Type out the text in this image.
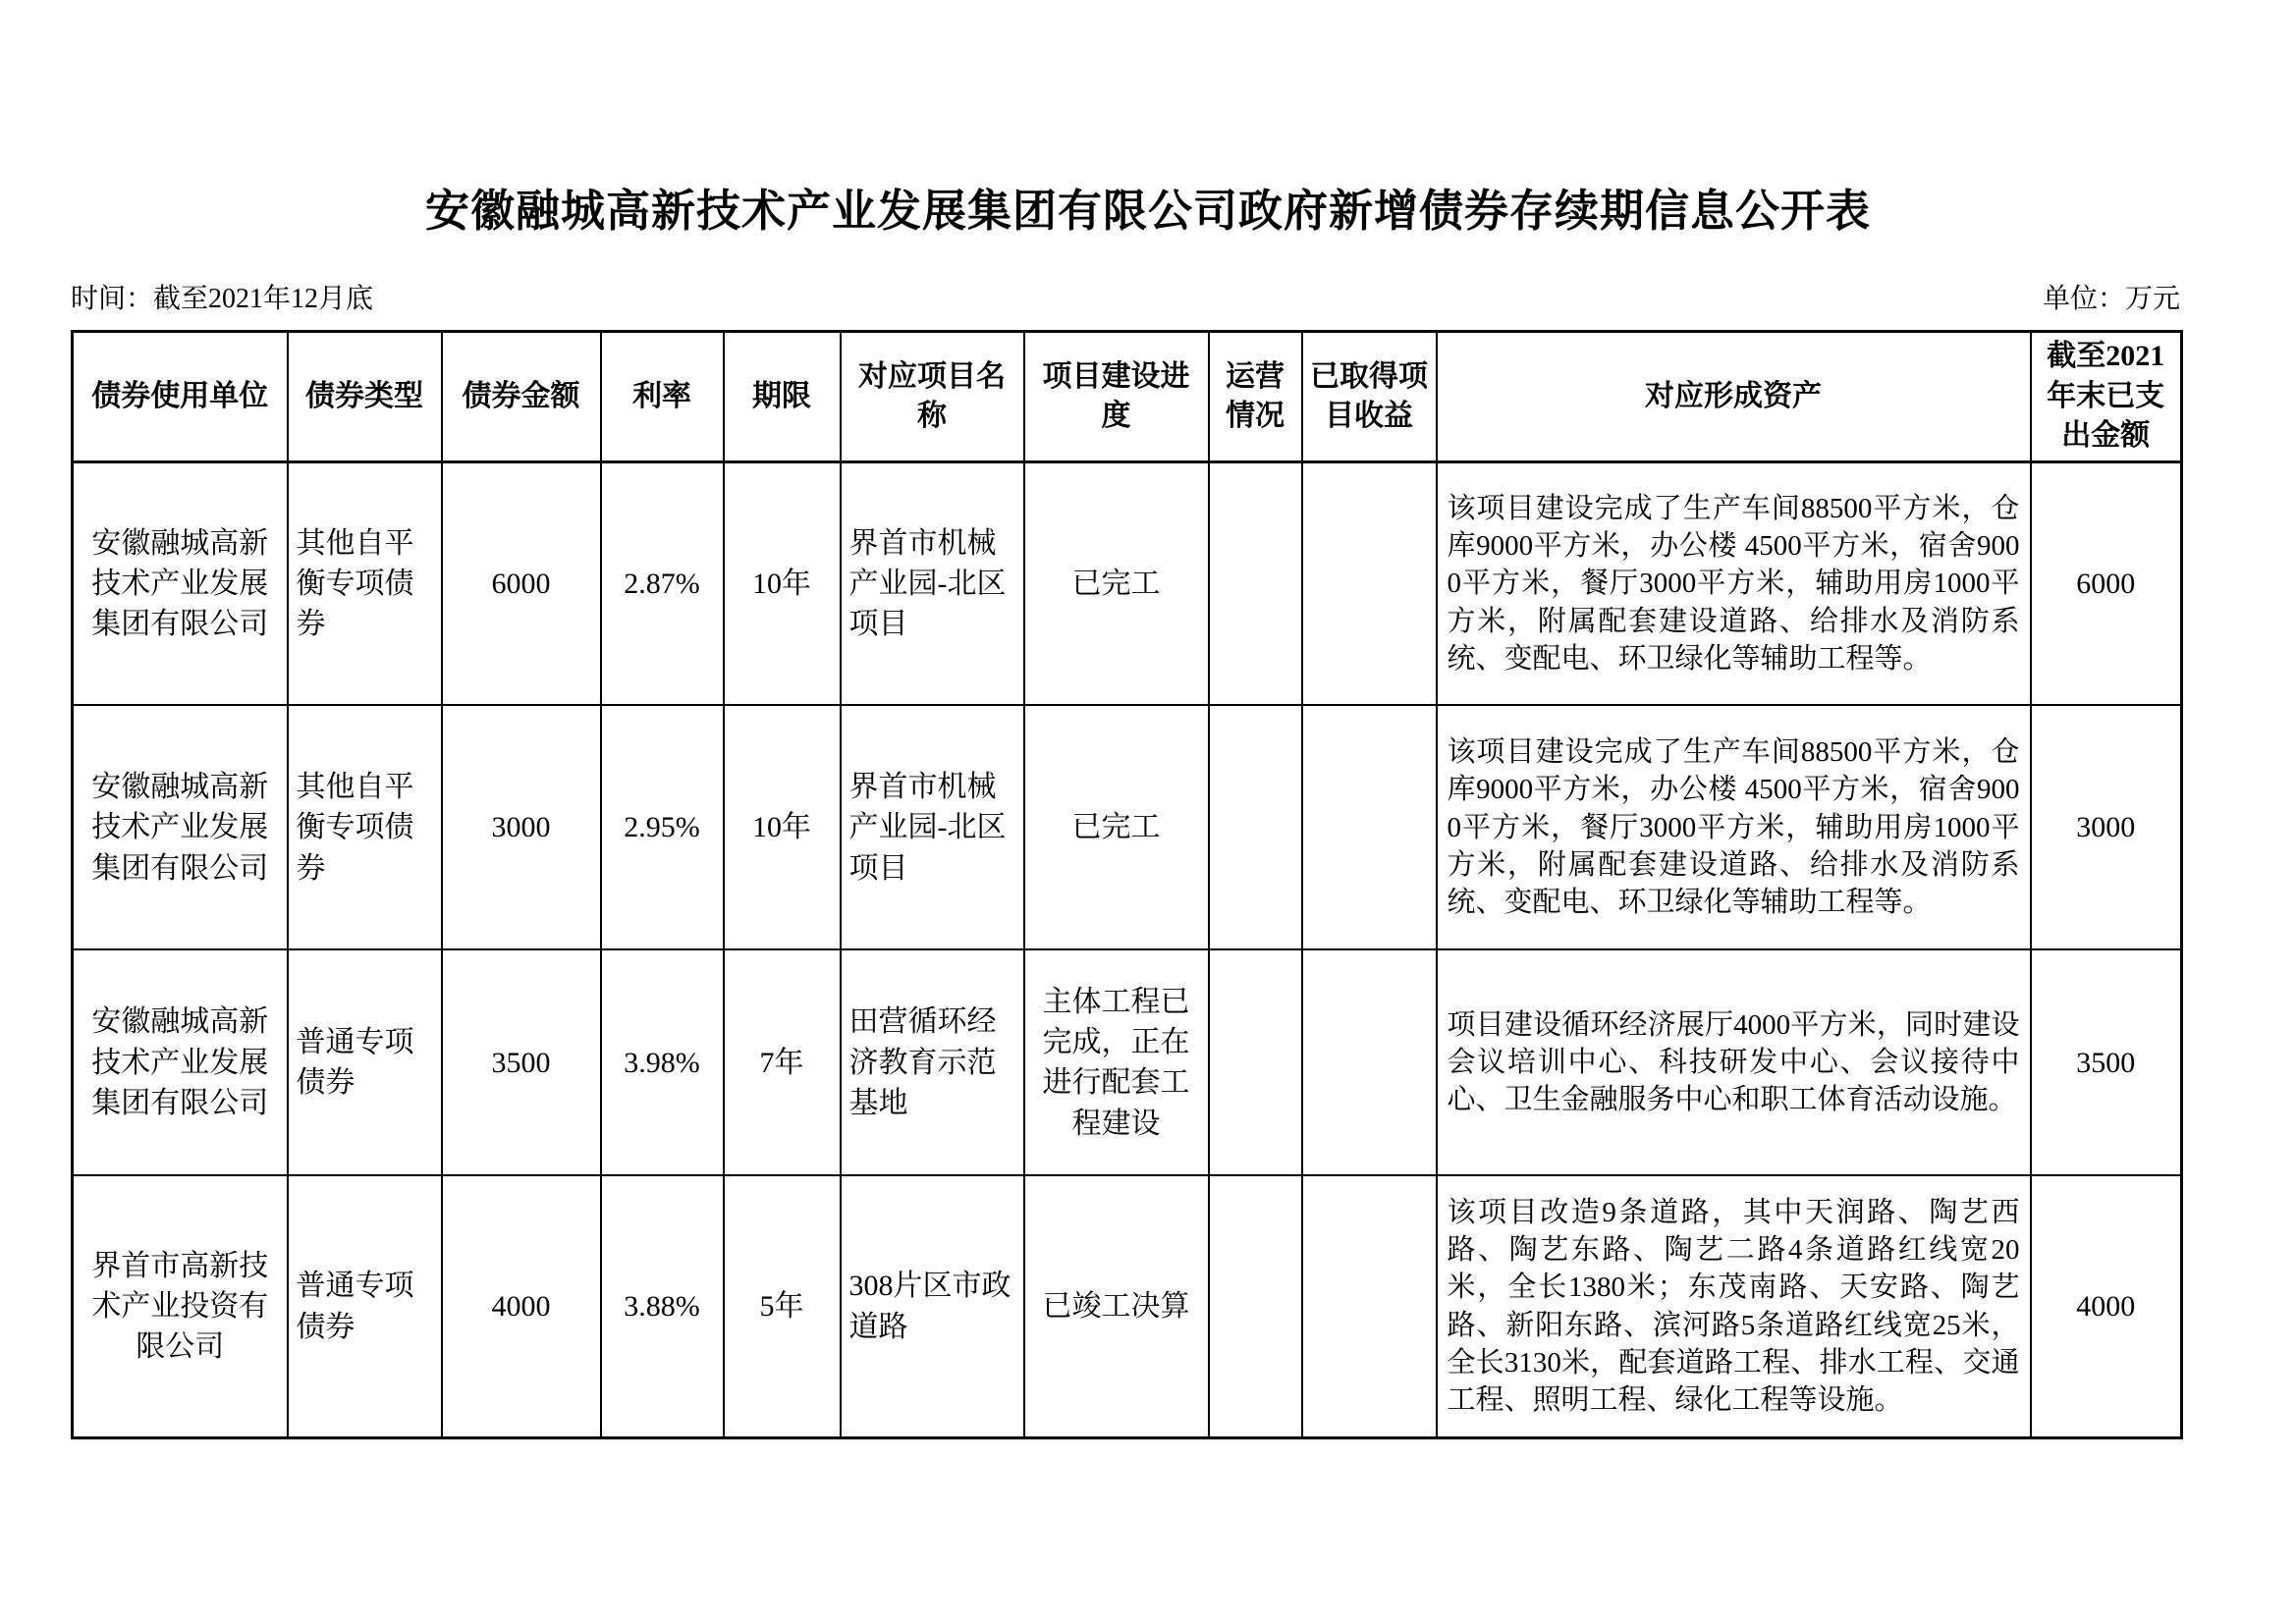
安徽融城高新技术产业发展集团有限公司政府新增债券存续期信息公开表
时间：截至2021年12月底	单位：万元
债券使用单位	债券类型	债券金额	利率	期限	对应项目名称	项目建设进度	运营情况	已取得项目收益	对应形成资产	截至2021年末已支出金额
安徽融城高新技术产业发展集团有限公司	其他自平衡专项债券	6000	2.87%	10年	界首市机械产业园-北区项目	已完工			该项目建设完成了生产车间88500平方米，仓库9000平方米，办公楼 4500平方米，宿舍9000平方米，餐厅3000平方米，辅助用房1000平方米，附属配套建设道路、给排水及消防系统、变配电、环卫绿化等辅助工程等。	6000
安徽融城高新技术产业发展集团有限公司	其他自平衡专项债券	3000	2.95%	10年	界首市机械产业园-北区项目	已完工			该项目建设完成了生产车间88500平方米，仓库9000平方米，办公楼 4500平方米，宿舍9000平方米，餐厅3000平方米，辅助用房1000平方米，附属配套建设道路、给排水及消防系统、变配电、环卫绿化等辅助工程等。	3000
安徽融城高新技术产业发展集团有限公司	普通专项债券	3500	3.98%	7年	田营循环经济教育示范基地	主体工程已完成，正在进行配套工程建设			项目建设循环经济展厅4000平方米，同时建设会议培训中心、科技研发中心、会议接待中心、卫生金融服务中心和职工体育活动设施。	3500
界首市高新技术产业投资有限公司	普通专项债券	4000	3.88%	5年	308片区市政道路	已竣工决算			该项目改造9条道路，其中天润路、陶艺西路、陶艺东路、陶艺二路4条道路红线宽20米，全长1380米；东茂南路、天安路、陶艺路、新阳东路、滨河路5条道路红线宽25米，全长3130米，配套道路工程、排水工程、交通工程、照明工程、绿化工程等设施。	4000
